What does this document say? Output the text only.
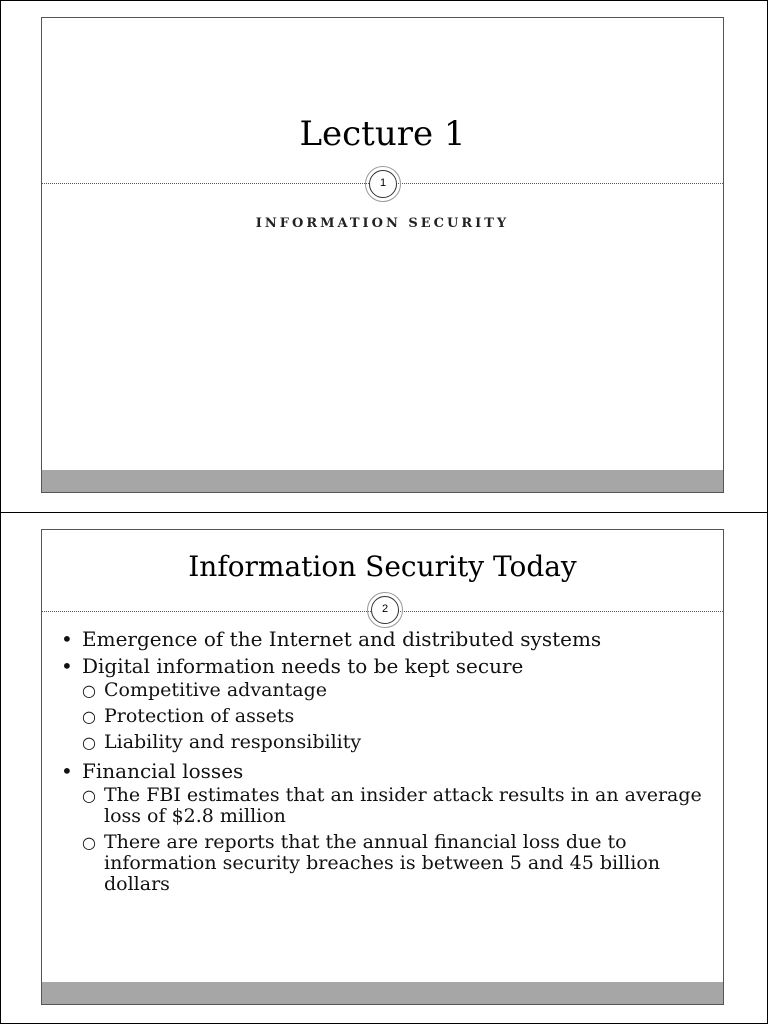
Lecture 1
1
INFORMATION SECURITY
Information Security Today
2
• Emergence of the Internet and distributed systems
• Digital information needs to be kept secure
○ Competitive advantage
○ Protection of assets
○ Liability and responsibility
• Financial losses
○ The FBI estimates that an insider attack results in an average loss of $2.8 million
○ There are reports that the annual financial loss due to information security breaches is between 5 and 45 billion dollars
